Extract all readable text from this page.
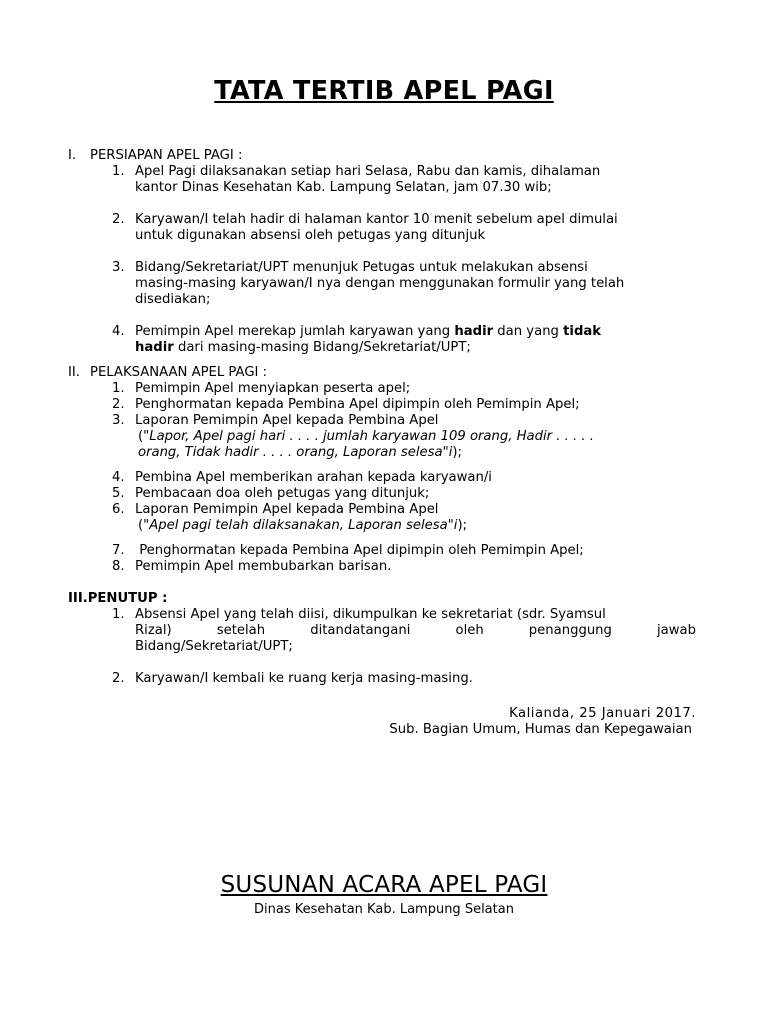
TATA TERTIB APEL PAGI
I. PERSIAPAN APEL PAGI :
1. Apel Pagi dilaksanakan setiap hari Selasa, Rabu dan kamis, dihalaman
kantor Dinas Kesehatan Kab. Lampung Selatan, jam 07.30 wib;
2. Karyawan/I telah hadir di halaman kantor 10 menit sebelum apel dimulai
untuk digunakan absensi oleh petugas yang ditunjuk
3. Bidang/Sekretariat/UPT menunjuk Petugas untuk melakukan absensi
masing-masing karyawan/I nya dengan menggunakan formulir yang telah
disediakan;
4. Pemimpin Apel merekap jumlah karyawan yang hadir dan yang tidak
hadir dari masing-masing Bidang/Sekretariat/UPT;
II. PELAKSANAAN APEL PAGI :
1. Pemimpin Apel menyiapkan peserta apel;
2. Penghormatan kepada Pembina Apel dipimpin oleh Pemimpin Apel;
3. Laporan Pemimpin Apel kepada Pembina Apel
("Lapor, Apel pagi hari . . . . jumlah karyawan 109 orang, Hadir . . . . .
orang, Tidak hadir . . . . orang, Laporan selesa"i);
4. Pembina Apel memberikan arahan kepada karyawan/i
5. Pembacaan doa oleh petugas yang ditunjuk;
6. Laporan Pemimpin Apel kepada Pembina Apel
("Apel pagi telah dilaksanakan, Laporan selesa"i);
7. Penghormatan kepada Pembina Apel dipimpin oleh Pemimpin Apel;
8. Pemimpin Apel membubarkan barisan.
III.PENUTUP :
1. Absensi Apel yang telah diisi, dikumpulkan ke sekretariat (sdr. Syamsul
Rizal) setelah ditandatangani oleh penanggung jawab
Bidang/Sekretariat/UPT;
2. Karyawan/I kembali ke ruang kerja masing-masing.
Kalianda, 25 Januari 2017.
Sub. Bagian Umum, Humas dan Kepegawaian
SUSUNAN ACARA APEL PAGI
Dinas Kesehatan Kab. Lampung Selatan
